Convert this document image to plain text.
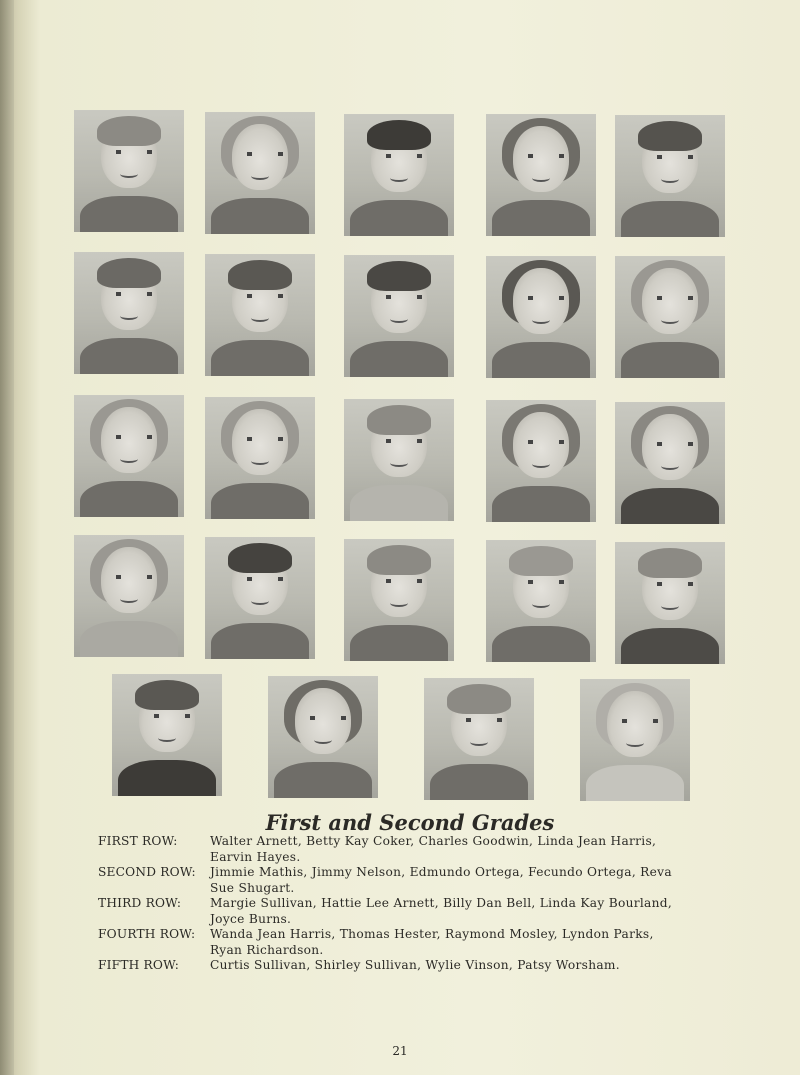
First and Second Grades
FIRST ROW:	Walter Arnett, Betty Kay Coker, Charles Goodwin, Linda Jean Harris,
Earvin Hayes.
SECOND ROW:	Jimmie Mathis, Jimmy Nelson, Edmundo Ortega, Fecundo Ortega, Reva
Sue Shugart.
THIRD ROW:	Margie Sullivan, Hattie Lee Arnett, Billy Dan Bell, Linda Kay Bourland,
Joyce Burns.
FOURTH ROW:	Wanda Jean Harris, Thomas Hester, Raymond Mosley, Lyndon Parks,
Ryan Richardson.
FIFTH ROW:	Curtis Sullivan, Shirley Sullivan, Wylie Vinson, Patsy Worsham.
21
